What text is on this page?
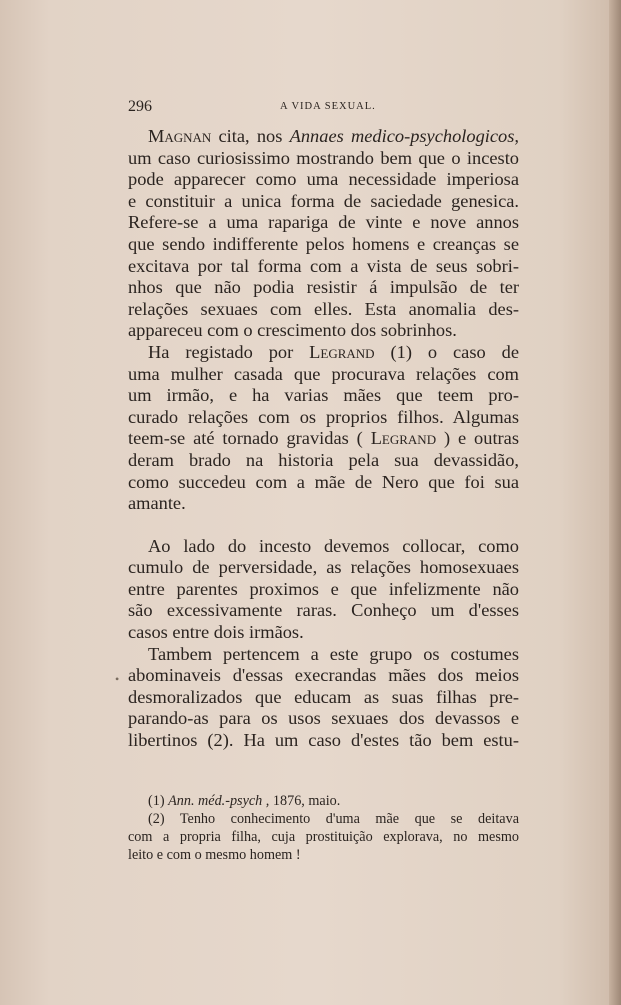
296	A VIDA SEXUAL.
Magnan cita, nos Annaes medico-psychologicos,
um caso curiosissimo mostrando bem que o incesto
pode apparecer como uma necessidade imperiosa
e constituir a unica forma de saciedade genesica.
Refere-se a uma rapariga de vinte e nove annos
que sendo indifferente pelos homens e creanças se
excitava por tal forma com a vista de seus sobri-
nhos que não podia resistir á impulsão de ter
relações sexuaes com elles. Esta anomalia des-
appareceu com o crescimento dos sobrinhos.
Ha registado por Legrand (1) o caso de
uma mulher casada que procurava relações com
um irmão, e ha varias mães que teem pro-
curado relações com os proprios filhos. Algumas
teem-se até tornado gravidas ( Legrand ) e outras
deram brado na historia pela sua devassidão,
como succedeu com a mãe de Nero que foi sua
amante.
Ao lado do incesto devemos collocar, como
cumulo de perversidade, as relações homosexuaes
entre parentes proximos e que infelizmente não
são excessivamente raras. Conheço um d'esses
casos entre dois irmãos.
Tambem pertencem a este grupo os costumes
abominaveis d'essas execrandas mães dos meios
desmoralizados que educam as suas filhas pre-
parando-as para os usos sexuaes dos devassos e
libertinos (2). Ha um caso d'estes tão bem estu-
•
(1) Ann. méd.-psych , 1876, maio.
(2) Tenho conhecimento d'uma mãe que se deitava
com a propria filha, cuja prostituição explorava, no mesmo
leito e com o mesmo homem !
